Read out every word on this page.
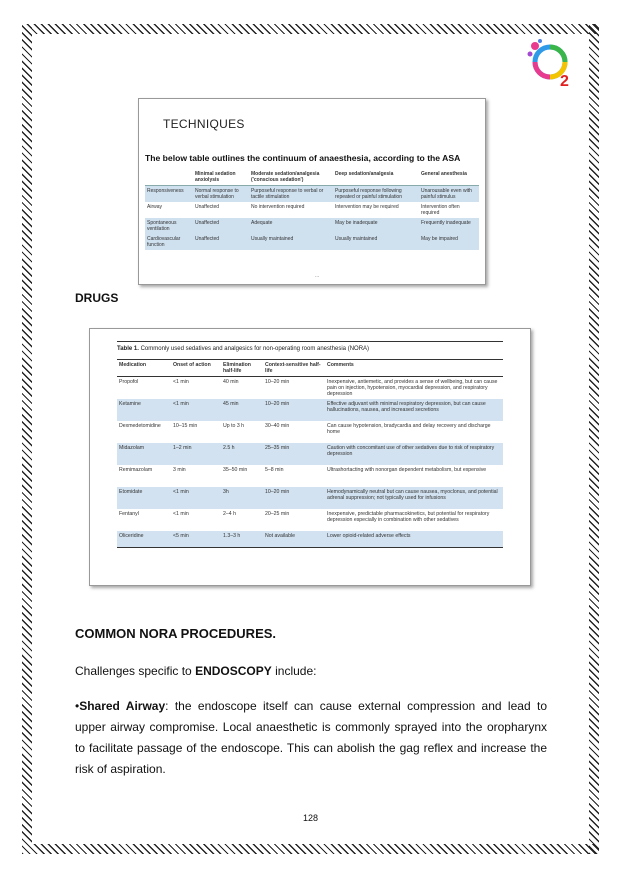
2
TECHNIQUES
The below table outlines the continuum of anaesthesia, according to the ASA
	Minimal sedation anxiolysis	Moderate sedation/analgesia ('conscious sedation')	Deep sedation/analgesia	General anesthesia
Responsiveness	Normal response to verbal stimulation	Purposeful response to verbal or tactile stimulation	Purposeful response following repeated or painful stimulation	Unarousable even with painful stimulus
Airway	Unaffected	No intervention required	Intervention may be required	Intervention often required
Spontaneous ventilation	Unaffected	Adequate	May be inadequate	Frequently inadequate
Cardiovascular function	Unaffected	Usually maintained	Usually maintained	May be impaired
...
DRUGS
Table 1. Commonly used sedatives and analgesics for non-operating room anesthesia (NORA)
Medication	Onset of action	Elimination half-life	Context-sensitive half-life	Comments
Propofol	<1 min	40 min	10–20 min	Inexpensive, antiemetic, and provides a sense of wellbeing, but can cause pain on injection, hypotension, myocardial depression, and respiratory depression
Ketamine	<1 min	45 min	10–20 min	Effective adjuvant with minimal respiratory depression, but can cause hallucinations, nausea, and increased secretions
Dexmedetomidine	10–15 min	Up to 3 h	30–40 min	Can cause hypotension, bradycardia and delay recovery and discharge home
Midazolam	1–2 min	2.5 h	25–35 min	Caution with concomitant use of other sedatives due to risk of respiratory depression
Remimazolam	3 min	35–50 min	5–8 min	Ultrashortacting with nonorgan dependent metabolism, but expensive
Etomidate	<1 min	3h	10–20 min	Hemodynamically neutral but can cause nausea, myoclonus, and potential adrenal suppression; not typically used for infusions
Fentanyl	<1 min	2–4 h	20–25 min	Inexpensive, predictable pharmacokinetics, but potential for respiratory depression especially in combination with other sedatives
Oliceridine	<5 min	1.3–3 h	Not available	Lower opioid-related adverse effects
COMMON NORA PROCEDURES.
Challenges specific to ENDOSCOPY include:
•Shared Airway: the endoscope itself can cause external compression and lead to upper airway compromise. Local anaesthetic is commonly sprayed into the oropharynx to facilitate passage of the endoscope. This can abolish the gag reflex and increase the risk of aspiration.
128
